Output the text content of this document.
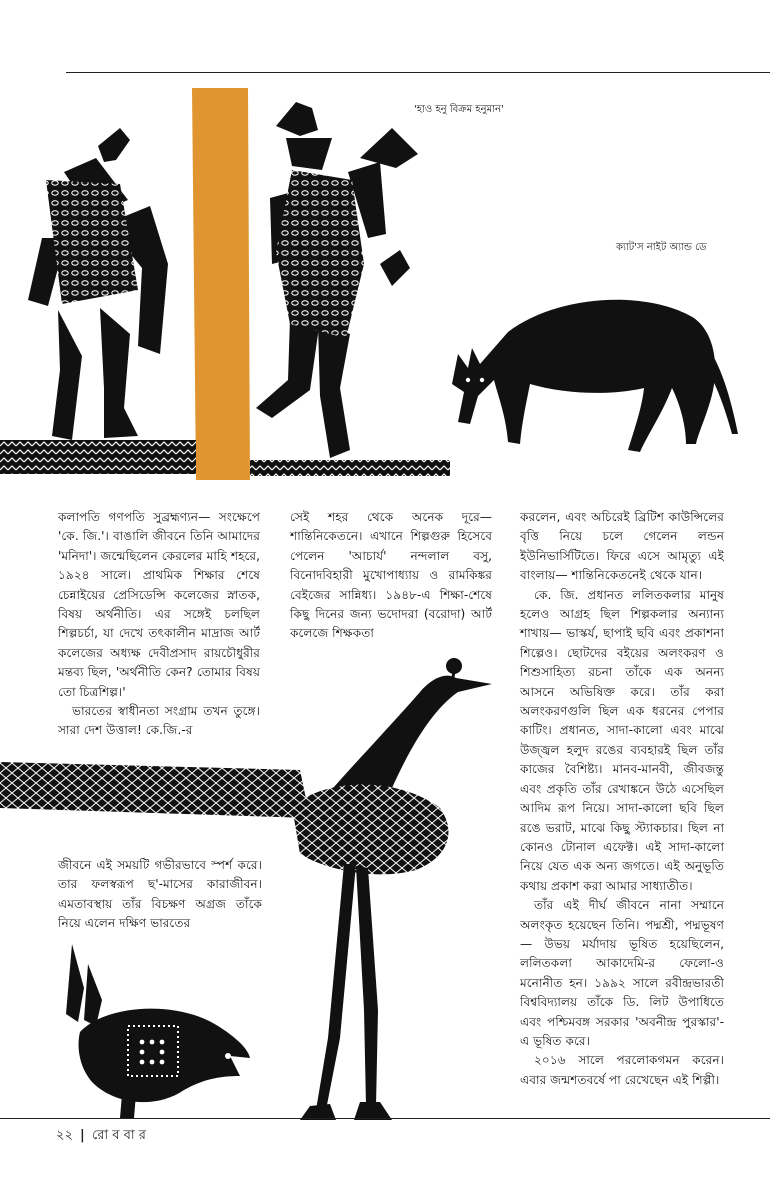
'হাও হনু বিক্রম হনুমান'
ক্যাট'স নাইট অ্যান্ড ডে

কলাপতি গণপতি সুব্রহ্মণ্যন— সংক্ষেপে 'কে. জি.'। বাঙালি জীবনে তিনি আমাদের 'মনিদা'। জন্মেছিলেন কেরলের মাহি শহরে, ১৯২৪ সালে। প্রাথমিক শিক্ষার শেষে চেন্নাইয়ের প্রেসিডেন্সি কলেজের স্নাতক, বিষয় অর্থনীতি। এর সঙ্গেই চলছিল শিল্পচর্চা, যা দেখে তৎকালীন মাদ্রাজ আর্ট কলেজের অধ্যক্ষ দেবীপ্রসাদ রায়চৌধুরীর মন্তব্য ছিল, 'অর্থনীতি কেন? তোমার বিষয় তো চিত্রশিল্প।'

ভারতের স্বাধীনতা সংগ্রাম তখন তুঙ্গে। সারা দেশ উত্তাল! কে.জি.-র

সেই শহর থেকে অনেক দূরে— শান্তিনিকেতনে। এখানে শিল্পগুরু হিসেবে পেলেন 'আচার্য' নন্দলাল বসু, বিনোদবিহারী মুখোপাধ্যায় ও রামকিঙ্কর বেইজের সান্নিধ্য। ১৯৪৮-এ শিক্ষা-শেষে কিছু দিনের জন্য ভদোদরা (বরোদা) আর্ট কলেজে শিক্ষকতা

করলেন, এবং অচিরেই ব্রিটিশ কাউন্সিলের বৃত্তি নিয়ে চলে গেলেন লন্ডন ইউনিভার্সিটিতে। ফিরে এসে আমৃত্যু এই বাংলায়— শান্তিনিকেতনেই থেকে যান।

কে. জি. প্রধানত ললিতকলার মানুষ হলেও আগ্রহ ছিল শিল্পকলার অন্যান্য শাখায়— ভাস্কর্য, ছাপাই ছবি এবং প্রকাশনা শিল্পেও। ছোটদের বইয়ের অলংকরণ ও শিশুসাহিত্য রচনা তাঁকে এক অনন্য আসনে অভিষিক্ত করে। তাঁর করা অলংকরণগুলি ছিল এক ধরনের পেপার কাটিং। প্রধানত, সাদা-কালো এবং মাঝে উজ্জ্বল হলুদ রঙের ব্যবহারই ছিল তাঁর কাজের বৈশিষ্ট্য। মানব-মানবী, জীবজন্তু এবং প্রকৃতি তাঁর রেখাঙ্কনে উঠে এসেছিল আদিম রূপ নিয়ে। সাদা-কালো ছবি ছিল রঙে ভরাট, মাঝে কিছু স্ট্যাকচার। ছিল না কোনও টোনাল এফেক্ট। এই সাদা-কালো নিয়ে যেত এক অন্য জগতে। এই অনুভূতি কথায় প্রকাশ করা আমার সাধ্যাতীত।

তাঁর এই দীর্ঘ জীবনে নানা সম্মানে অলংকৃত হয়েছেন তিনি। পদ্মশ্রী, পদ্মভূষণ— উভয় মর্যাদায় ভূষিত হয়েছিলেন, ললিতকলা আকাদেমি-র ফেলো-ও মনোনীত হন। ১৯৯২ সালে রবীন্দ্রভারতী বিশ্ববিদ্যালয় তাঁকে ডি. লিট উপাধিতে এবং পশ্চিমবঙ্গ সরকার 'অবনীন্দ্র পুরস্কার'-এ ভূষিত করে।

২০১৬ সালে পরলোকগমন করেন। এবার জন্মশতবর্ষে পা রেখেছেন এই শিল্পী।

জীবনে এই সময়টি গভীরভাবে স্পর্শ করে। তার ফলস্বরূপ ছ'-মাসের কারাজীবন। এমতাবস্থায় তাঁর বিচক্ষণ অগ্রজ তাঁকে নিয়ে এলেন দক্ষিণ ভারতের

২২ | রো ব বা র
